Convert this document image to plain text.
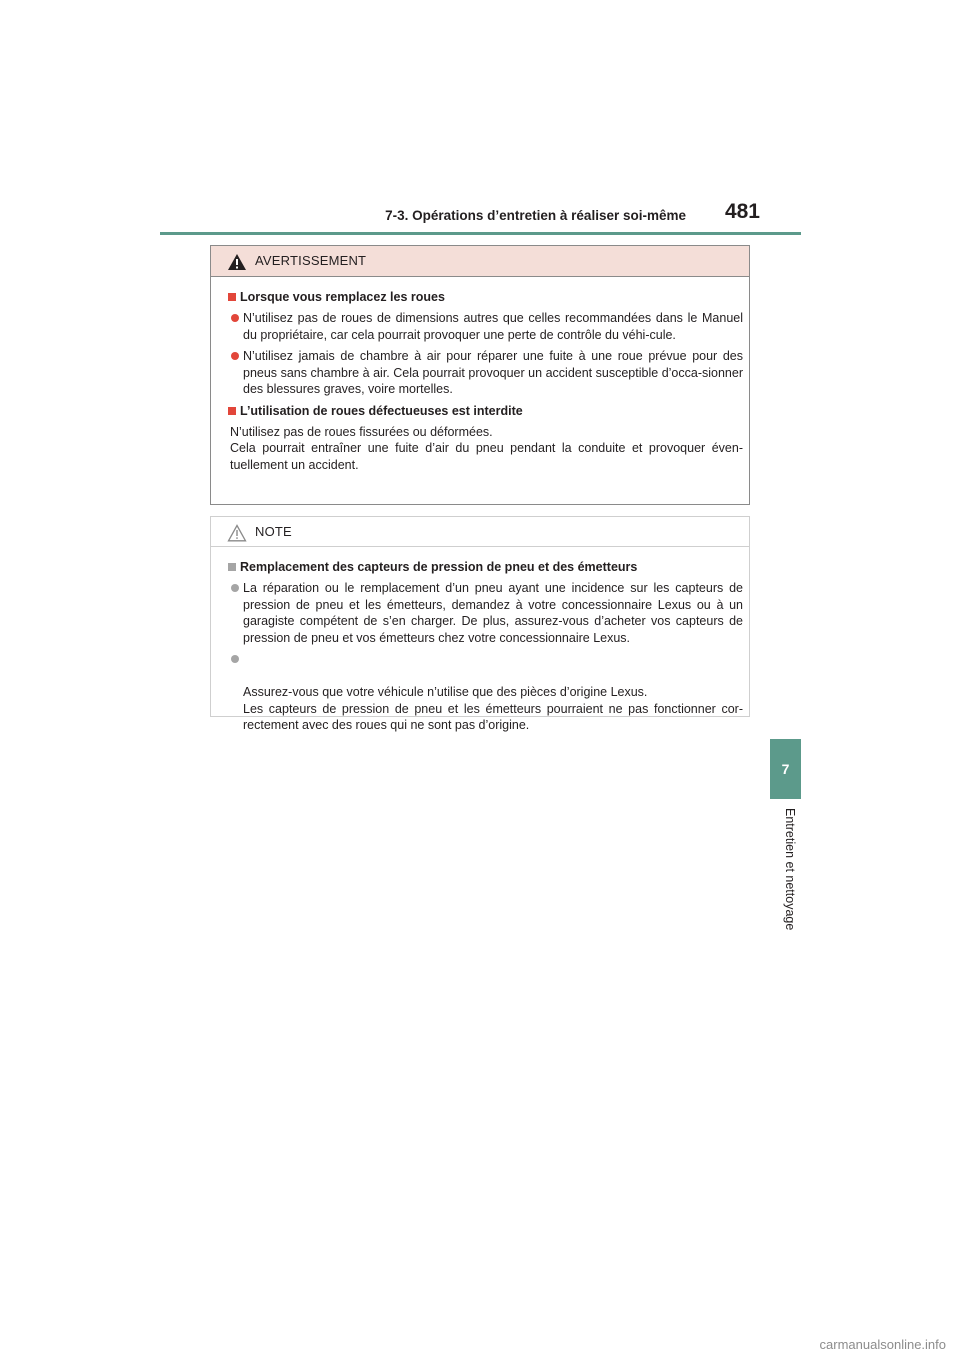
7-3. Opérations d’entretien à réaliser soi-même	481
7
Entretien et nettoyage
AVERTISSEMENT
Lorsque vous remplacez les roues
N’utilisez pas de roues de dimensions autres que celles recommandées dans le Manuel du propriétaire, car cela pourrait provoquer une perte de contrôle du véhi-cule.
N’utilisez jamais de chambre à air pour réparer une fuite à une roue prévue pour des pneus sans chambre à air. Cela pourrait provoquer un accident susceptible d’occa-sionner des blessures graves, voire mortelles.
L’utilisation de roues défectueuses est interdite
N’utilisez pas de roues fissurées ou déformées.
Cela pourrait entraîner une fuite d’air du pneu pendant la conduite et provoquer éven-tuellement un accident.
NOTE
Remplacement des capteurs de pression de pneu et des émetteurs
La réparation ou le remplacement d’un pneu ayant une incidence sur les capteurs de pression de pneu et les émetteurs, demandez à votre concessionnaire Lexus ou à un garagiste compétent de s’en charger. De plus, assurez-vous d’acheter vos capteurs de pression de pneu et vos émetteurs chez votre concessionnaire Lexus.

Assurez-vous que votre véhicule n’utilise que des pièces d’origine Lexus.
Les capteurs de pression de pneu et les émetteurs pourraient ne pas fonctionner cor-rectement avec des roues qui ne sont pas d’origine.

carmanualsonline.info
